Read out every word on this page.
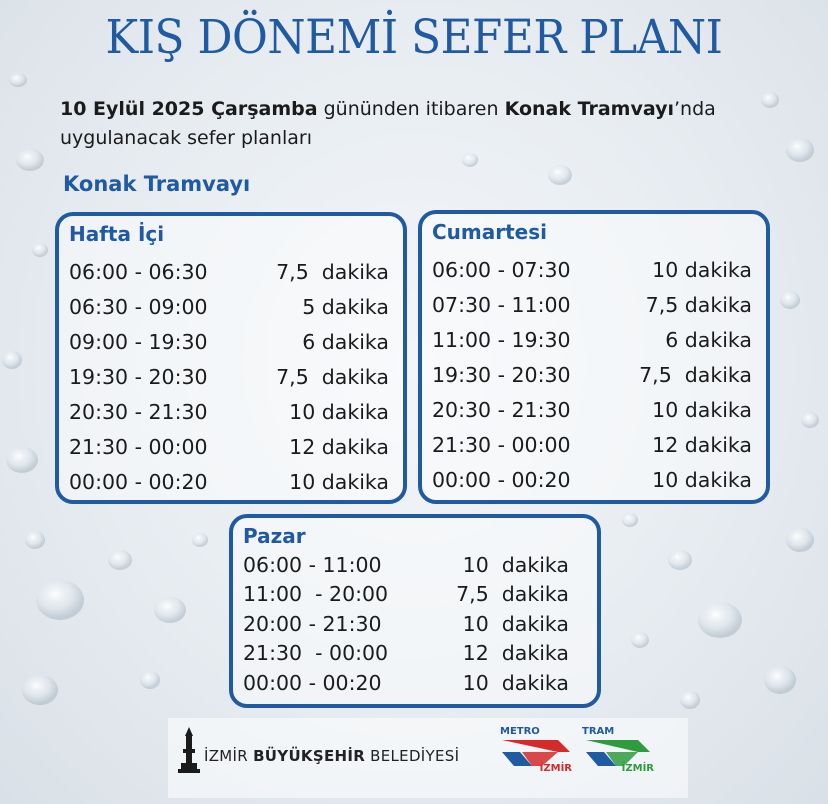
KIŞ DÖNEMİ SEFER PLANI
10 Eylül 2025 Çarşamba gününden itibaren Konak Tramvayı’nda uygulanacak sefer planları
Konak Tramvayı
Hafta İçi
06:00 - 06:30	7,5  dakika
06:30 - 09:00	5 dakika
09:00 - 19:30	6 dakika
19:30 - 20:30	7,5  dakika
20:30 - 21:30	10 dakika
21:30 - 00:00	12 dakika
00:00 - 00:20	10 dakika
Cumartesi
06:00 - 07:30	10 dakika
07:30 - 11:00	7,5 dakika
11:00 - 19:30	6 dakika
19:30 - 20:30	7,5  dakika
20:30 - 21:30	10 dakika
21:30 - 00:00	12 dakika
00:00 - 00:20	10 dakika
Pazar
06:00 - 11:00	10  dakika
11:00  - 20:00	7,5  dakika
20:00 - 21:30	10  dakika
21:30  - 00:00	12  dakika
00:00 - 00:20	10  dakika
İZMİR BÜYÜKŞEHİR BELEDİYESİ
METRO
İZMİR
TRAM
İZMİR
